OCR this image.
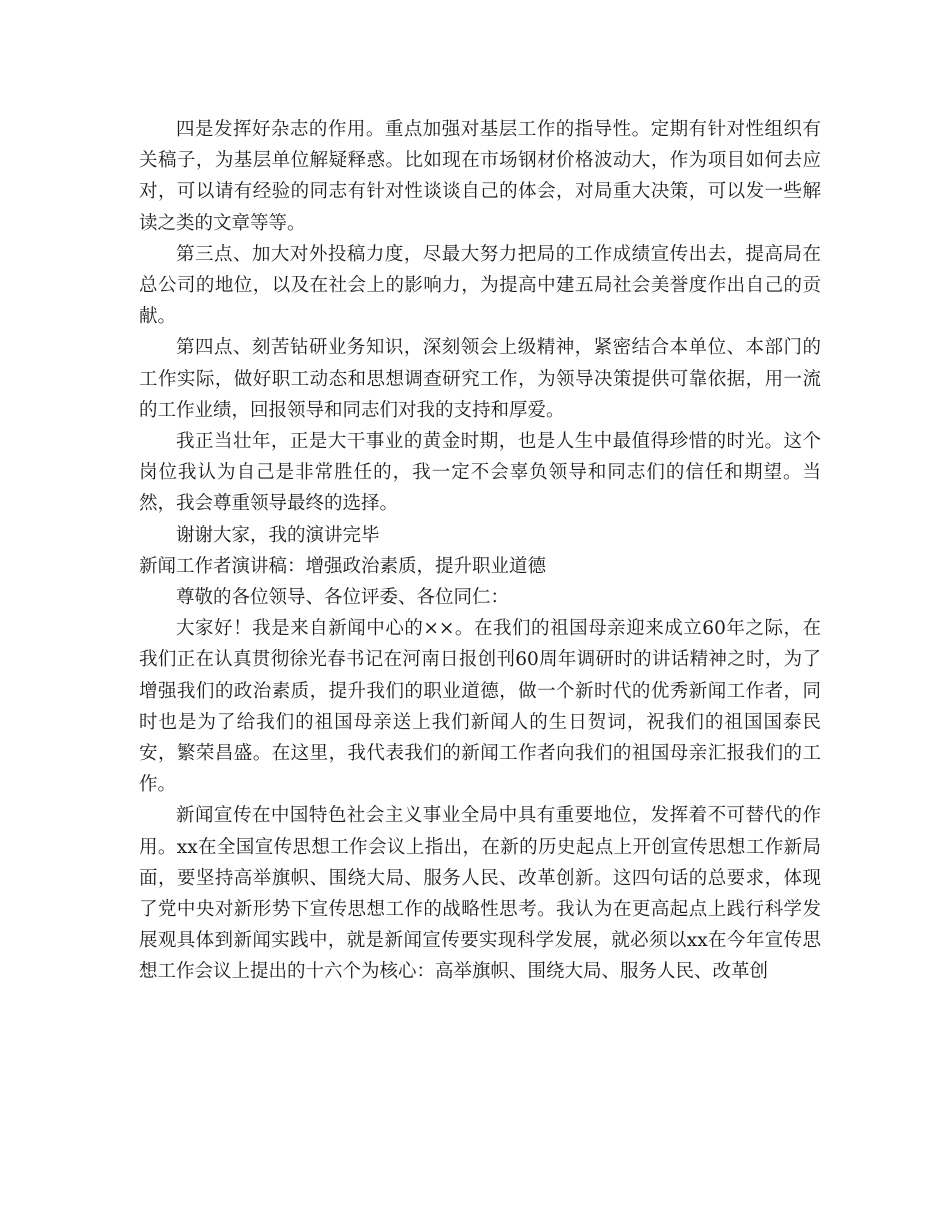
四是发挥好杂志的作用。重点加强对基层工作的指导性。定期有针对性组织有关稿子，为基层单位解疑释惑。比如现在市场钢材价格波动大，作为项目如何去应对，可以请有经验的同志有针对性谈谈自己的体会，对局重大决策，可以发一些解读之类的文章等等。

第三点、加大对外投稿力度，尽最大努力把局的工作成绩宣传出去，提高局在总公司的地位，以及在社会上的影响力，为提高中建五局社会美誉度作出自己的贡献。

第四点、刻苦钻研业务知识，深刻领会上级精神，紧密结合本单位、本部门的工作实际，做好职工动态和思想调查研究工作，为领导决策提供可靠依据，用一流的工作业绩，回报领导和同志们对我的支持和厚爱。

我正当壮年，正是大干事业的黄金时期，也是人生中最值得珍惜的时光。这个岗位我认为自己是非常胜任的，我一定不会辜负领导和同志们的信任和期望。当然，我会尊重领导最终的选择。

谢谢大家，我的演讲完毕

新闻工作者演讲稿：增强政治素质，提升职业道德

尊敬的各位领导、各位评委、各位同仁：

大家好！我是来自新闻中心的××。在我们的祖国母亲迎来成立60年之际，在我们正在认真贯彻徐光春书记在河南日报创刊60周年调研时的讲话精神之时，为了增强我们的政治素质，提升我们的职业道德，做一个新时代的优秀新闻工作者，同时也是为了给我们的祖国母亲送上我们新闻人的生日贺词，祝我们的祖国国泰民安，繁荣昌盛。在这里，我代表我们的新闻工作者向我们的祖国母亲汇报我们的工作。

新闻宣传在中国特色社会主义事业全局中具有重要地位，发挥着不可替代的作用。xx在全国宣传思想工作会议上指出，在新的历史起点上开创宣传思想工作新局面，要坚持高举旗帜、围绕大局、服务人民、改革创新。这四句话的总要求，体现了党中央对新形势下宣传思想工作的战略性思考。我认为在更高起点上践行科学发展观具体到新闻实践中，就是新闻宣传要实现科学发展，就必须以xx在今年宣传思想工作会议上提出的十六个为核心：高举旗帜、围绕大局、服务人民、改革创
